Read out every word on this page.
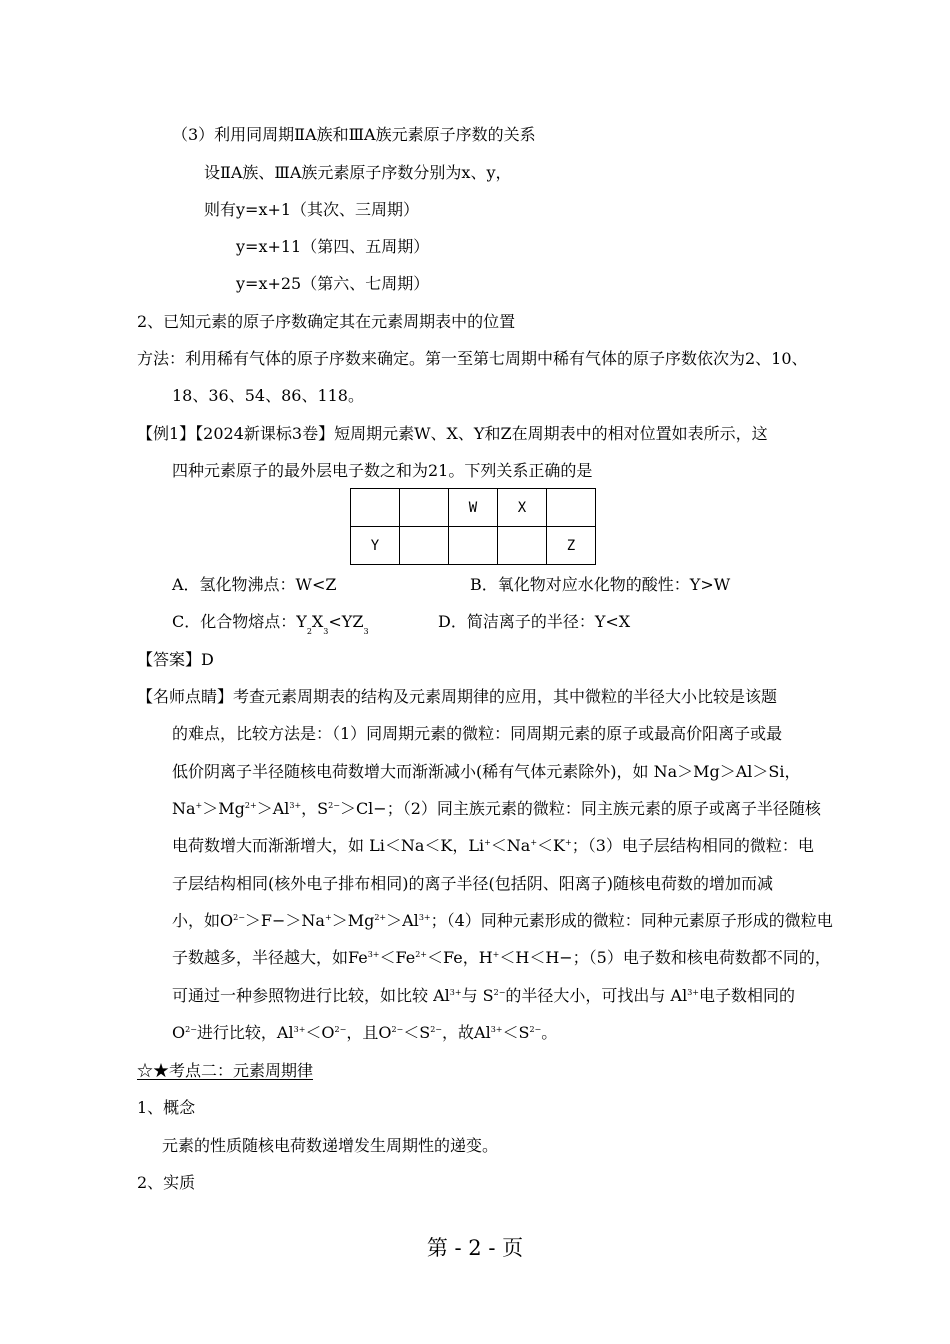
（3）利用同周期ⅡA族和ⅢA族元素原子序数的关系
设ⅡA族、ⅢA族元素原子序数分别为x、y，
则有y=x+1（其次、三周期）
y=x+11（第四、五周期）
y=x+25（第六、七周期）
2、已知元素的原子序数确定其在元素周期表中的位置
方法：利用稀有气体的原子序数来确定。第一至第七周期中稀有气体的原子序数依次为2、10、
18、36、54、86、118。
【例1】【2024新课标3卷】短周期元素W、X、Y和Z在周期表中的相对位置如表所示，这
四种元素原子的最外层电子数之和为21。下列关系正确的是
		W	X	
Y				Z
A．氢化物沸点：W<Z	B．氧化物对应水化物的酸性：Y>W
C．化合物熔点：$Y_2X_3<YZ_3$
D．简洁离子的半径：Y<X
【答案】D
【名师点睛】考查元素周期表的结构及元素周期律的应用，其中微粒的半径大小比较是该题
的难点，比较方法是：（1）同周期元素的微粒：同周期元素的原子或最高价阳离子或最
低价阴离子半径随核电荷数增大而渐渐减小(稀有气体元素除外)，如 Na＞Mg＞Al＞Si，
$Na^+>Mg^{2+}>Al^{3+}$，$S^{2-}>Cl-$；（2）同主族元素的微粒：同主族元素的原子或离子半径随核
电荷数增大而渐渐增大，如 Li＜Na＜K，Li+＜Na+＜K+；（3）电子层结构相同的微粒：电
子层结构相同(核外电子排布相同)的离子半径(包括阴、阳离子)随核电荷数的增加而减
小，如$O^{2-}>F->Na^+>Mg^{2+}>Al^{3+}$；（4）同种元素形成的微粒：同种元素原子形成的微粒电
子数越多，半径越大，如$Fe^{3+}<Fe^{2+}<Fe$，H+＜H＜H−；（5）电子数和核电荷数都不同的，
可通过一种参照物进行比较，如比较 $Al^{3+}$与 $S^{2-}$的半径大小，可找出与 $Al^{3+}$电子数相同的
$O^{2-}$进行比较，$Al^{3+}<O^{2-}$，且$O^{2-}<S^{2-}$，故$Al^{3+}<S^{2-}$。
☆★考点二：元素周期律
1、概念
元素的性质随核电荷数递增发生周期性的递变。
2、实质
第 - 2 - 页
